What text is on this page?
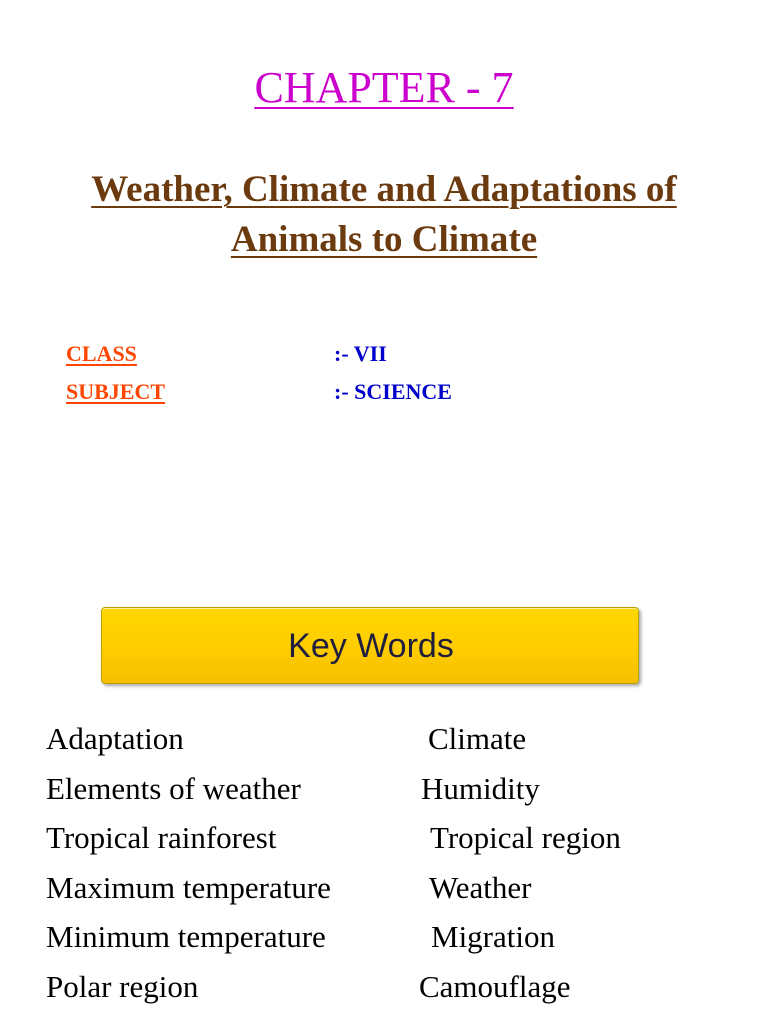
CHAPTER - 7
Weather, Climate and Adaptations of
Animals to Climate
CLASS	:- VII
SUBJECT	:- SCIENCE
Key Words
Adaptation	Climate
Elements of weather	Humidity
Tropical rainforest	Tropical region
Maximum temperature	Weather
Minimum temperature	Migration
Polar region	Camouflage
